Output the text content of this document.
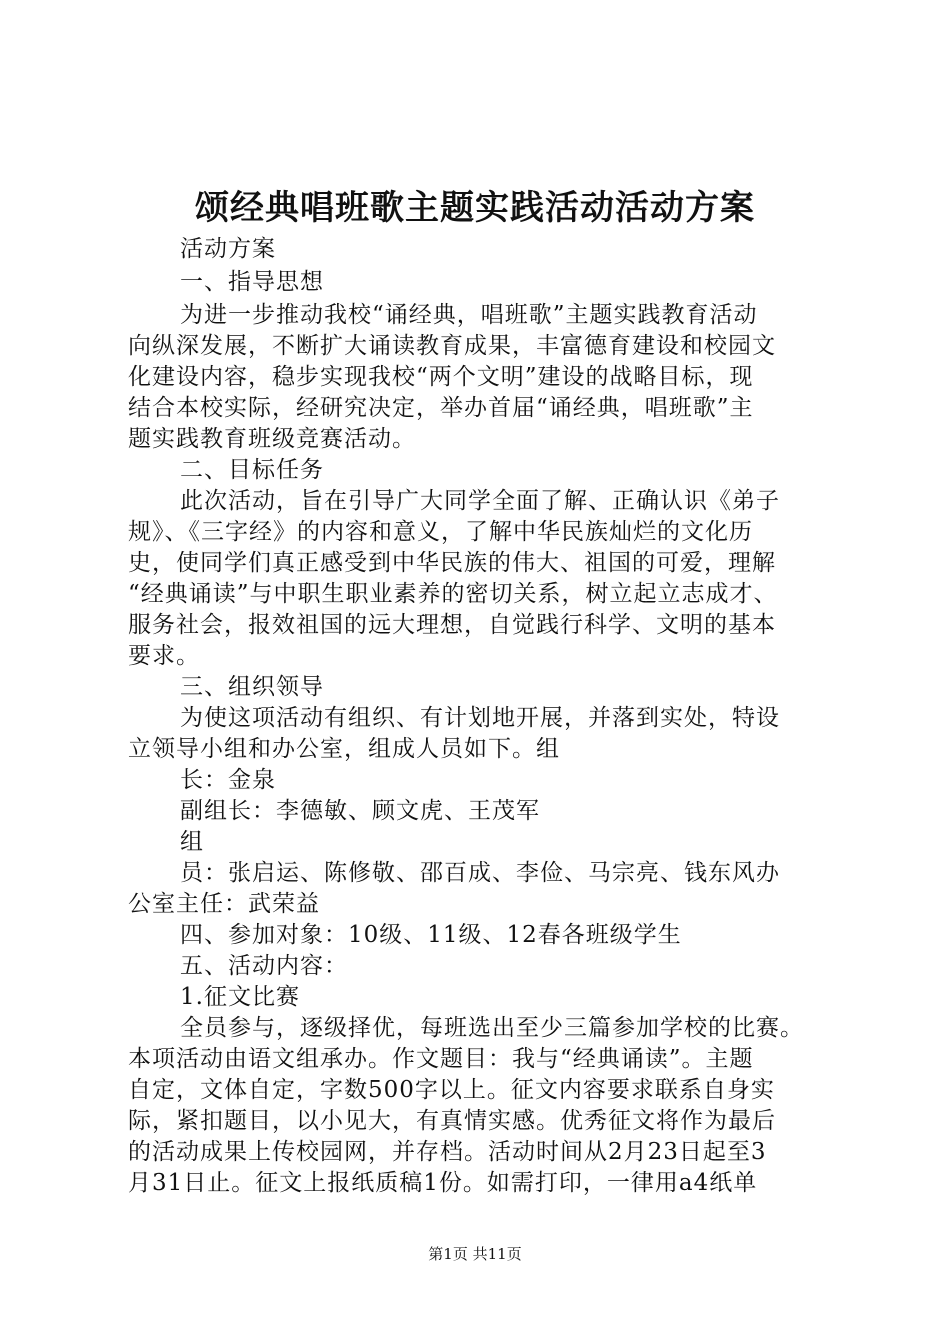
颂经典唱班歌主题实践活动活动方案
活动方案
一、指导思想
为进一步推动我校“诵经典，唱班歌”主题实践教育活动
向纵深发展，不断扩大诵读教育成果，丰富德育建设和校园文
化建设内容，稳步实现我校“两个文明”建设的战略目标，现
结合本校实际，经研究决定，举办首届“诵经典，唱班歌”主
题实践教育班级竞赛活动。
二、目标任务
此次活动，旨在引导广大同学全面了解、正确认识《弟子
规》、《三字经》的内容和意义，了解中华民族灿烂的文化历
史，使同学们真正感受到中华民族的伟大、祖国的可爱，理解
“经典诵读”与中职生职业素养的密切关系，树立起立志成才、
服务社会，报效祖国的远大理想，自觉践行科学、文明的基本
要求。
三、组织领导
为使这项活动有组织、有计划地开展，并落到实处，特设
立领导小组和办公室，组成人员如下。组
长：金泉
副组长：李德敏、顾文虎、王茂军
组
员：张启运、陈修敬、邵百成、李俭、马宗亮、钱东风办
公室主任：武荣益
四、参加对象：10级、11级、12春各班级学生
五、活动内容：
1.征文比赛
全员参与，逐级择优，每班选出至少三篇参加学校的比赛。
本项活动由语文组承办。作文题目：我与“经典诵读”。主题
自定，文体自定，字数500字以上。征文内容要求联系自身实
际，紧扣题目，以小见大，有真情实感。优秀征文将作为最后
的活动成果上传校园网，并存档。活动时间从2月23日起至3
月31日止。征文上报纸质稿1份。如需打印，一律用a4纸单
第1页 共11页
